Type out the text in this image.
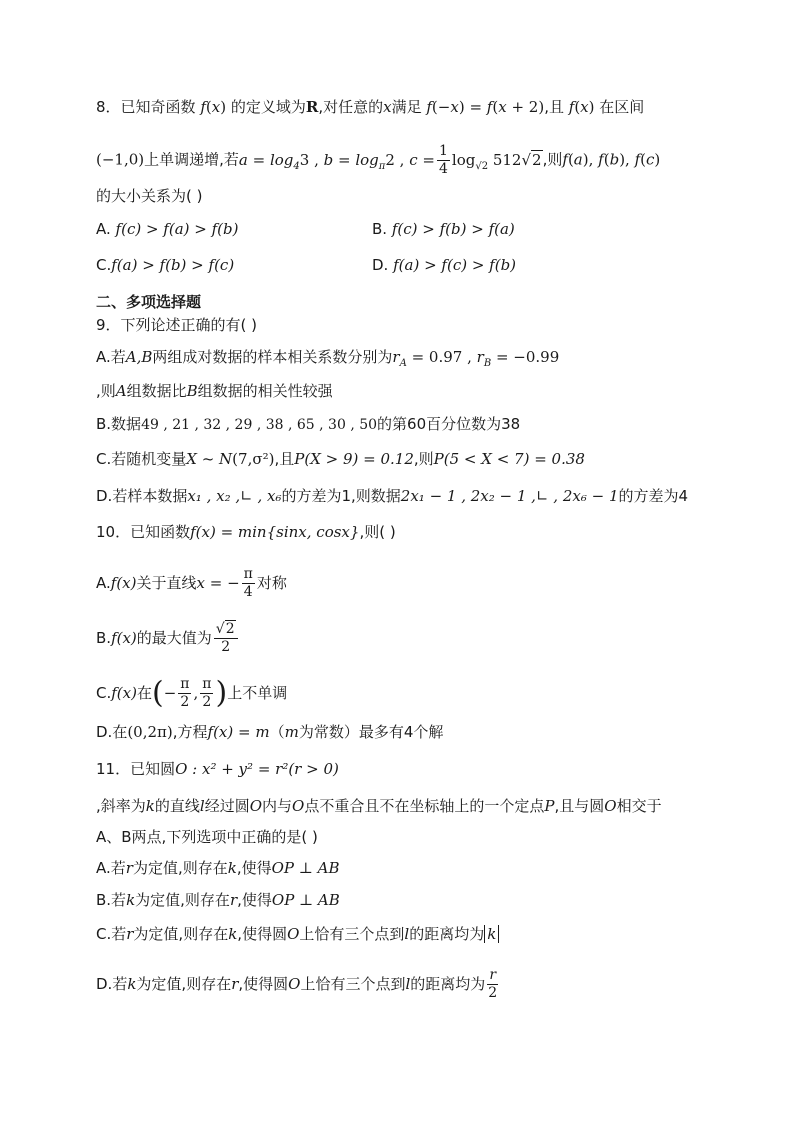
8．已知奇函数 f(x) 的定义域为R,对任意的x满足 f(−x) = f(x + 2),且 f(x) 在区间
(−1,0)上单调递增,若$a = \log_43$ , $b = \log_\pi 2$ , $c = \frac{1}{4} \log_{√2} 512√2$,则f(a), f(b), f(c)
的大小关系为( )
A. f(c) > f(a) > f(b)	B. f(c) > f(b) > f(a)
C.f(a) > f(b) > f(c)	D. f(a) > f(c) > f(b)
二、多项选择题
9．下列论述正确的有( )
A.若A,B两组成对数据的样本相关系数分别为$r_A = 0.97$ , $r_B = -0.99$
,则A组数据比B组数据的相关性较强
B.数据49 , 21 , 32 , 29 , 38 , 65 , 30 , 50的第60百分位数为38
C.若随机变量X ~ N(7,σ²),且P(X > 9) = 0.12,则P(5 < X < 7) = 0.38
D.若样本数据x₁ , x₂ ,∟ , x₆的方差为1,则数据2x₁ − 1 , 2x₂ − 1 ,∟ , 2x₆ − 1的方差为4
10．已知函数f(x) = min{sinx, cosx},则( )
A.f(x)关于直线x = − $\frac{\pi}{4}$ 对称
B.f(x)的最大值为 $\frac{√2}{2}$
C.f(x)在(− $\frac{\pi}{2}$ , $\frac{\pi}{2}$ )上不单调
D.在(0,2π),方程f(x) = m（m为常数）最多有4个解
11．已知圆O : x² + y² = r²(r > 0)
,斜率为k的直线l经过圆O内与O点不重合且不在坐标轴上的一个定点P,且与圆O相交于
A、B两点,下列选项中正确的是( )
A.若r为定值,则存在k,使得OP ⊥ AB
B.若k为定值,则存在r,使得OP ⊥ AB
C.若r为定值,则存在k,使得圆O上恰有三个点到l的距离均为 k
D.若k为定值,则存在r,使得圆O上恰有三个点到l的距离均为 $\frac{r}{2}$
